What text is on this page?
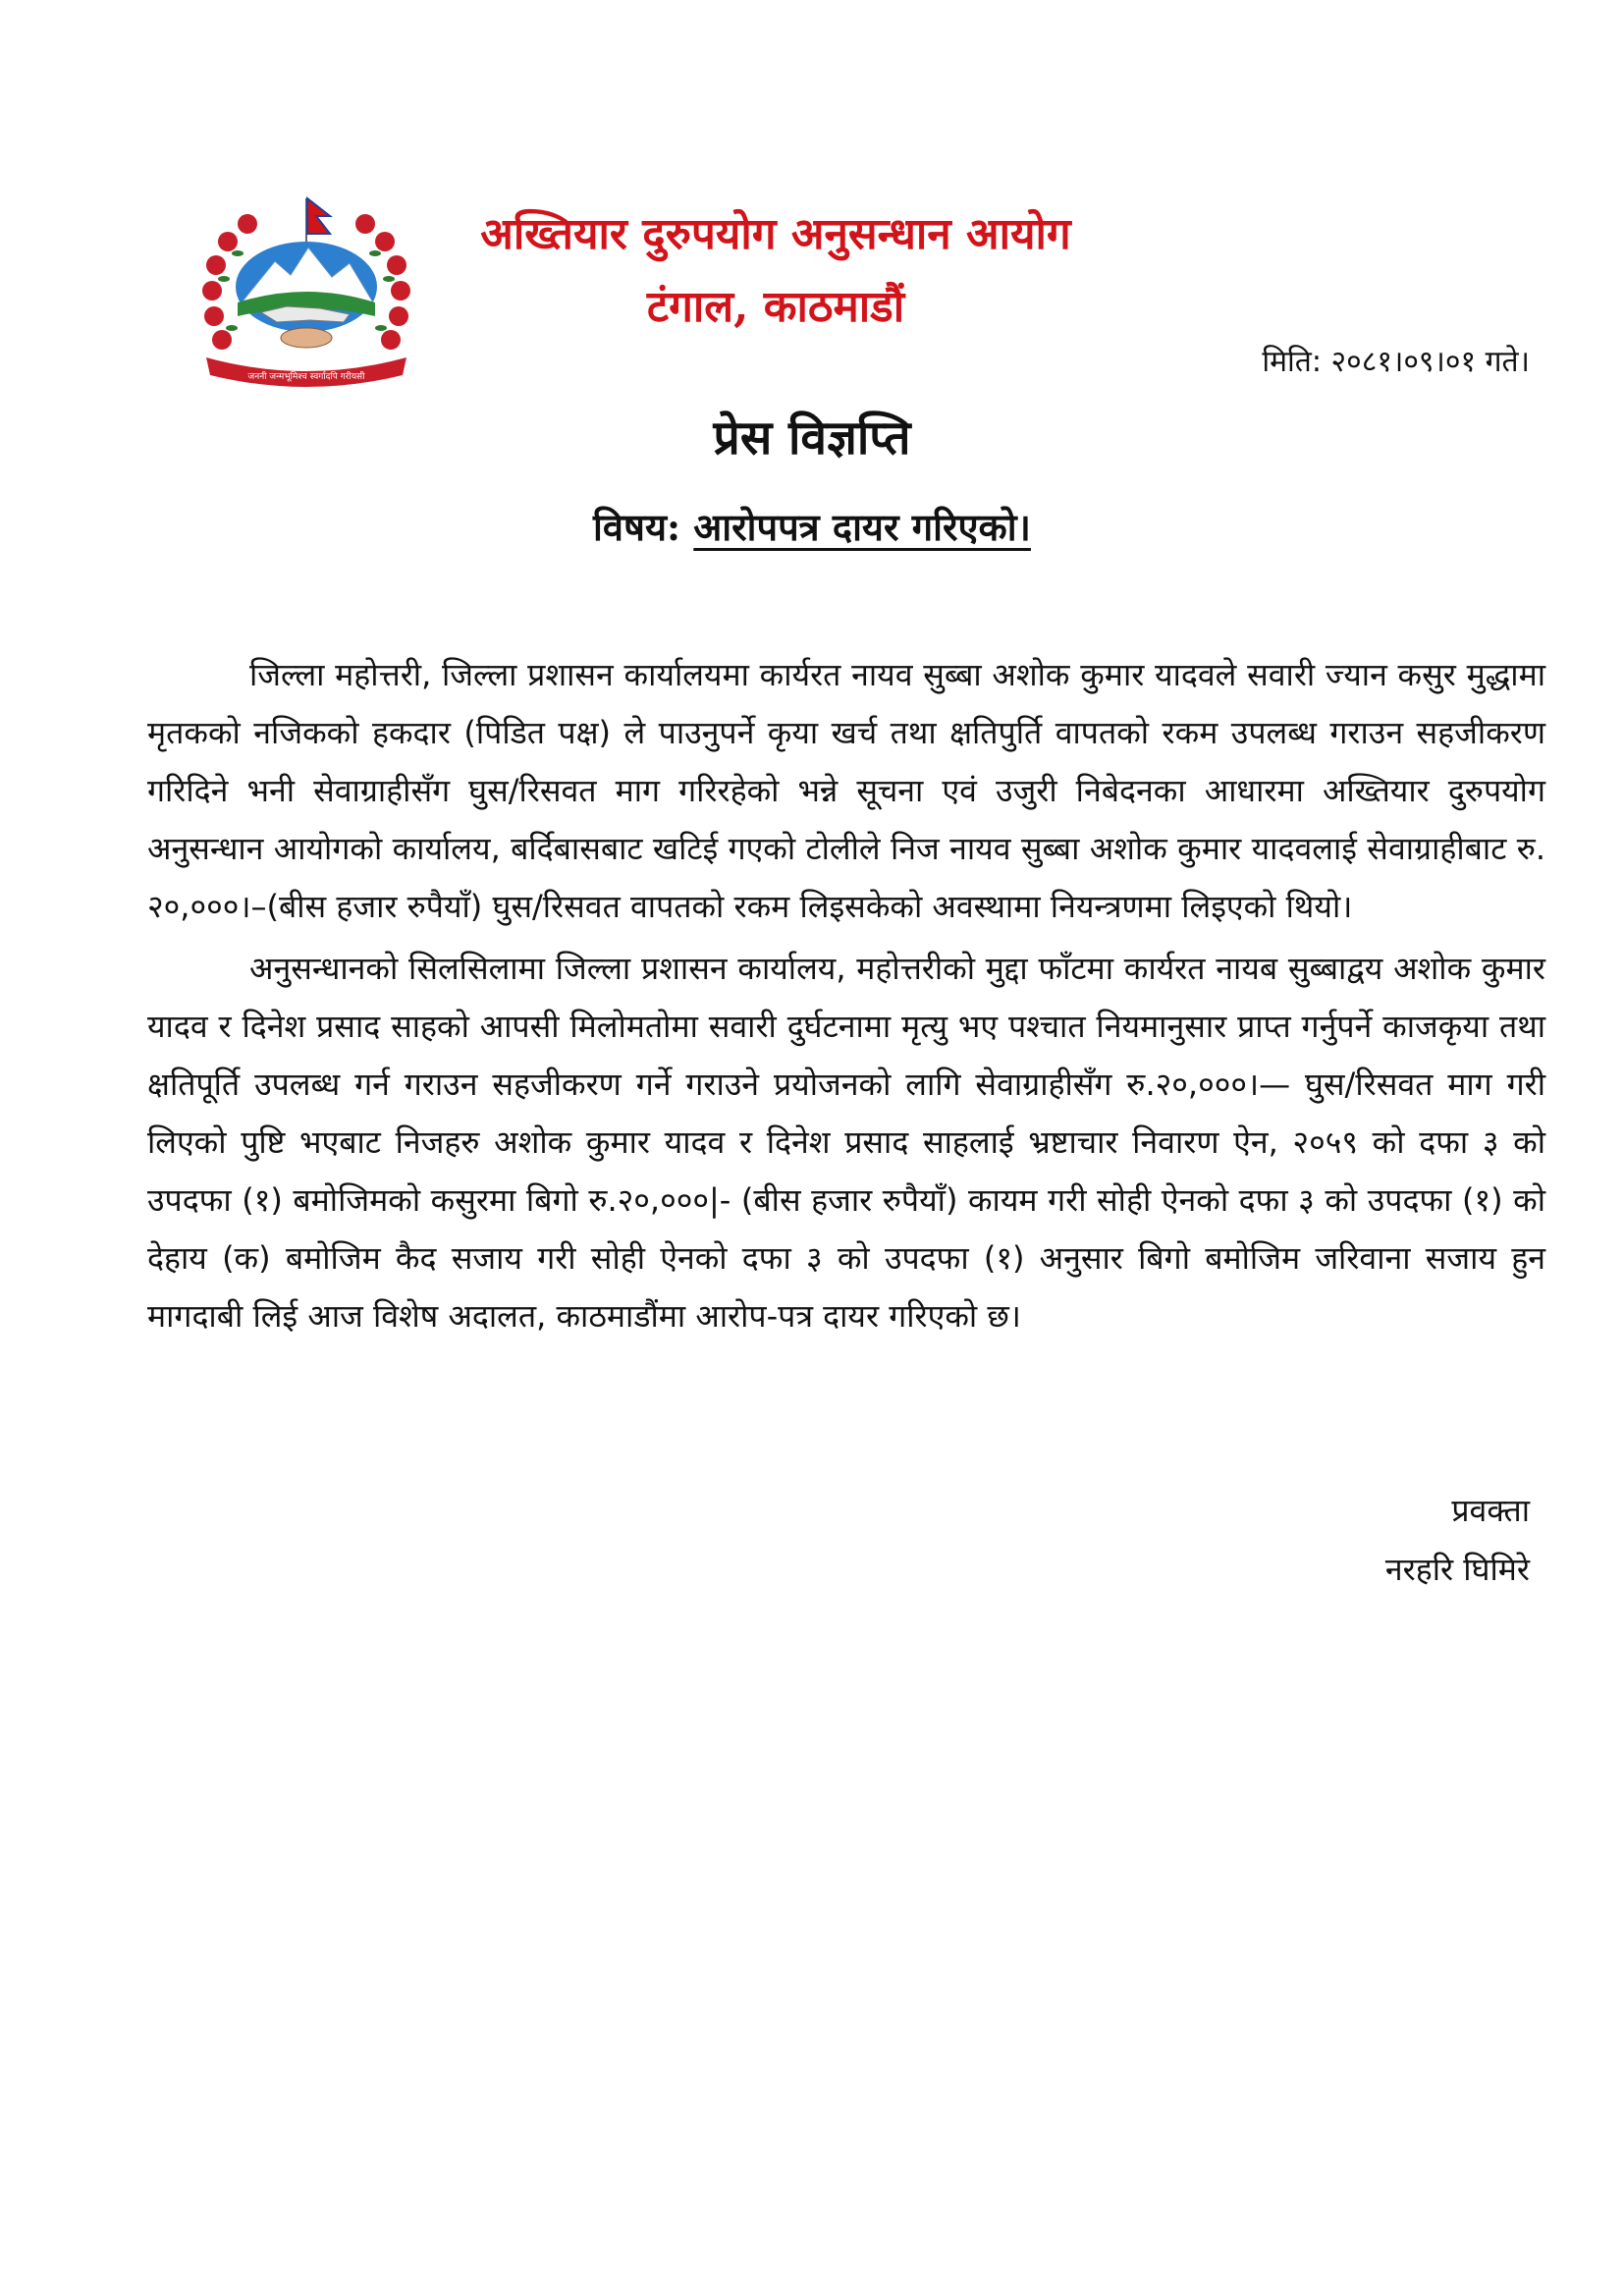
जननी जन्मभूमिश्च स्वर्गादपि गरीयसी
अख्तियार दुरुपयोग अनुसन्धान आयोग
टंगाल, काठमाडौं
मिति: २०८१।०९।०१ गते।
प्रेस विज्ञप्ति
विषय: आरोपपत्र दायर गरिएको।

जिल्ला महोत्तरी, जिल्ला प्रशासन कार्यालयमा कार्यरत नायव सुब्बा अशोक कुमार यादवले सवारी ज्यान कसुर मुद्धामा मृतकको नजिकको हकदार (पिडित पक्ष) ले पाउनुपर्ने कृया खर्च तथा क्षतिपुर्ति वापतको रकम उपलब्ध गराउन सहजीकरण गरिदिने भनी सेवाग्राहीसँग घुस/रिसवत माग गरिरहेको भन्ने सूचना एवं उजुरी निबेदनका आधारमा अख्तियार दुरुपयोग अनुसन्धान आयोगको कार्यालय, बर्दिबासबाट खटिई गएको टोलीले निज नायव सुब्बा अशोक कुमार यादवलाई सेवाग्राहीबाट रु. २०,०००।–(बीस हजार रुपैयाँ) घुस/रिसवत वापतको रकम लिइसकेको अवस्थामा नियन्त्रणमा लिइएको थियो।

अनुसन्धानको सिलसिलामा जिल्ला प्रशासन कार्यालय, महोत्तरीको मुद्दा फाँटमा कार्यरत नायब सुब्बाद्वय अशोक कुमार यादव र दिनेश प्रसाद साहको आपसी मिलोमतोमा सवारी दुर्घटनामा मृत्यु भए पश्चात नियमानुसार प्राप्त गर्नुपर्ने काजकृया तथा क्षतिपूर्ति उपलब्ध गर्न गराउन सहजीकरण गर्ने गराउने प्रयोजनको लागि सेवाग्राहीसँग रु.२०,०००।— घुस/रिसवत माग गरी लिएको पुष्टि भएबाट निजहरु अशोक कुमार यादव र दिनेश प्रसाद साहलाई भ्रष्टाचार निवारण ऐन, २०५९ को दफा ३ को उपदफा (१) बमोजिमको कसुरमा बिगो रु.२०,०००|- (बीस हजार रुपैयाँ) कायम गरी सोही ऐनको दफा ३ को उपदफा (१) को देहाय (क) बमोजिम कैद सजाय गरी सोही ऐनको दफा ३ को उपदफा (१) अनुसार बिगो बमोजिम जरिवाना सजाय हुन मागदाबी लिई आज विशेष अदालत, काठमाडौंमा आरोप-पत्र दायर गरिएको छ।

प्रवक्ता
नरहरि घिमिरे
